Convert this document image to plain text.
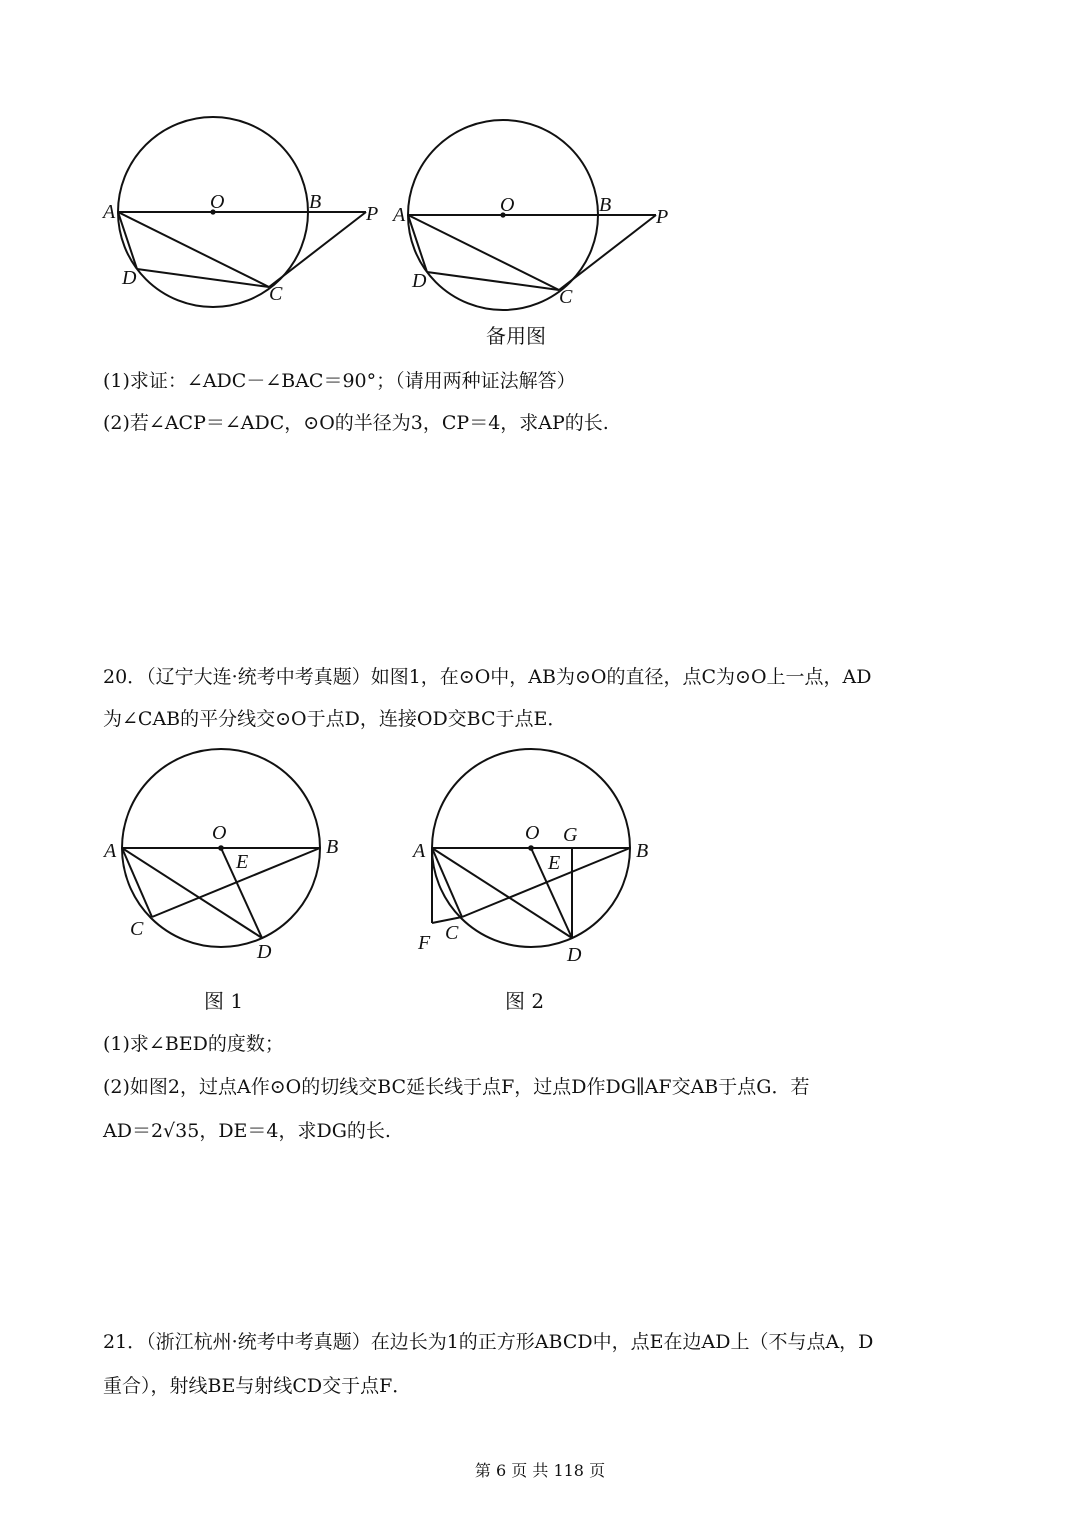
O
A	B
P
D
C
O
A	B
P
D
C
备用图
(1)求证：∠ADC－∠BAC＝90°；（请用两种证法解答）
(2)若∠ACP＝∠ADC，⊙O的半径为3，CP＝4，求AP的长.
20．（辽宁大连·统考中考真题）如图1，在⊙O中，AB为⊙O的直径，点C为⊙O上一点，AD
为∠CAB的平分线交⊙O于点D，连接OD交BC于点E．
O
A	B
E
C
D
O G
A	B
E
F C
D
图 1	图 2
(1)求∠BED的度数；
(2)如图2，过点A作⊙O的切线交BC延长线于点F，过点D作DG∥AF交AB于点G．若
AD＝2√35，DE＝4，求DG的长.
21．（浙江杭州·统考中考真题）在边长为1的正方形ABCD中，点E在边AD上（不与点A，D
重合），射线BE与射线CD交于点F．
第 6 页 共 118 页
